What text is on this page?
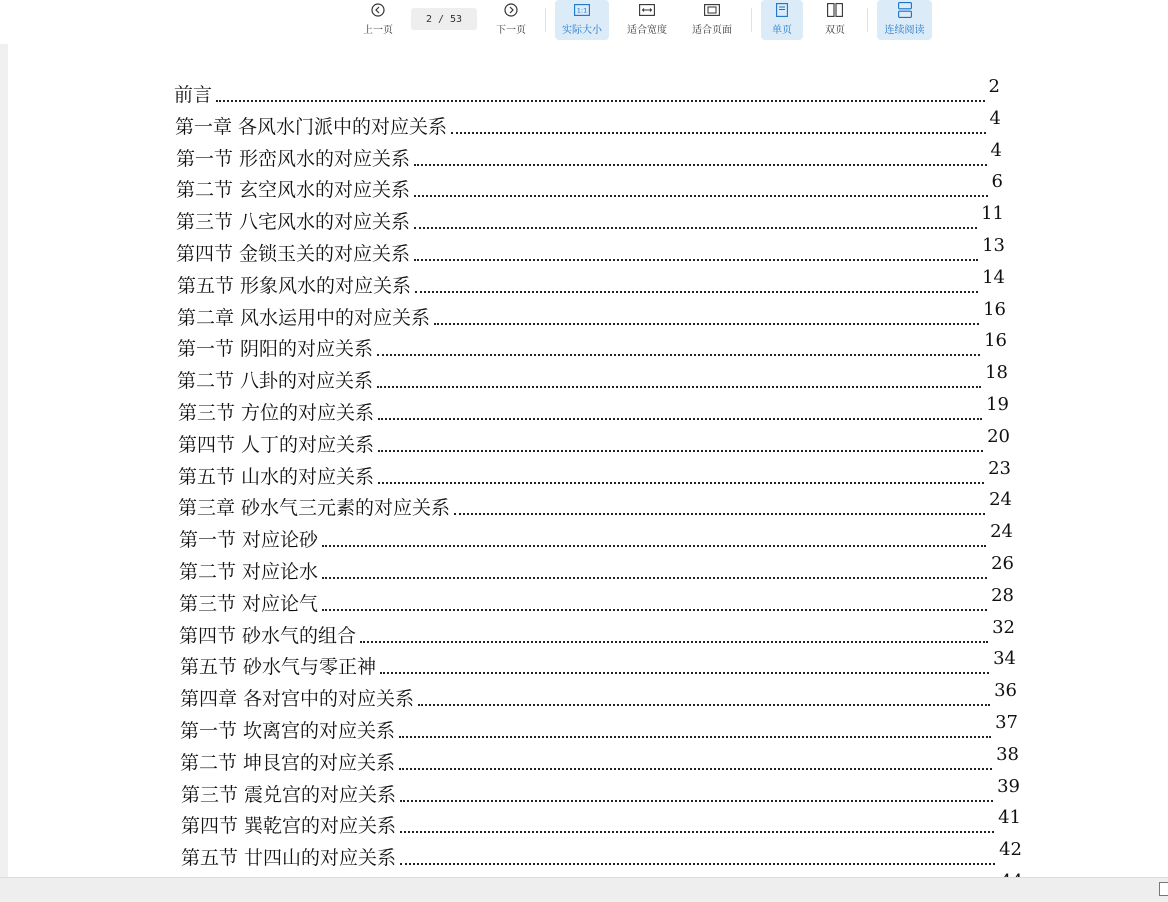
上一页
2 / 53
下一页
1:1
实际大小	适合宽度	适合页面	单页	双页	连续阅读
前言	2
第一章 各风水门派中的对应关系	4
第一节 形峦风水的对应关系	4
第二节 玄空风水的对应关系	6
第三节 八宅风水的对应关系	11
第四节 金锁玉关的对应关系	13
第五节 形象风水的对应关系	14
第二章 风水运用中的对应关系	16
第一节 阴阳的对应关系	16
第二节 八卦的对应关系	18
第三节 方位的对应关系	19
第四节 人丁的对应关系	20
第五节 山水的对应关系	23
第三章 砂水气三元素的对应关系	24
第一节 对应论砂	24
第二节 对应论水	26
第三节 对应论气	28
第四节 砂水气的组合	32
第五节 砂水气与零正神	34
第四章 各对宫中的对应关系	36
第一节 坎离宫的对应关系	37
第二节 坤艮宫的对应关系	38
第三节 震兑宫的对应关系	39
第四节 巽乾宫的对应关系	41
第五节 廿四山的对应关系	42
